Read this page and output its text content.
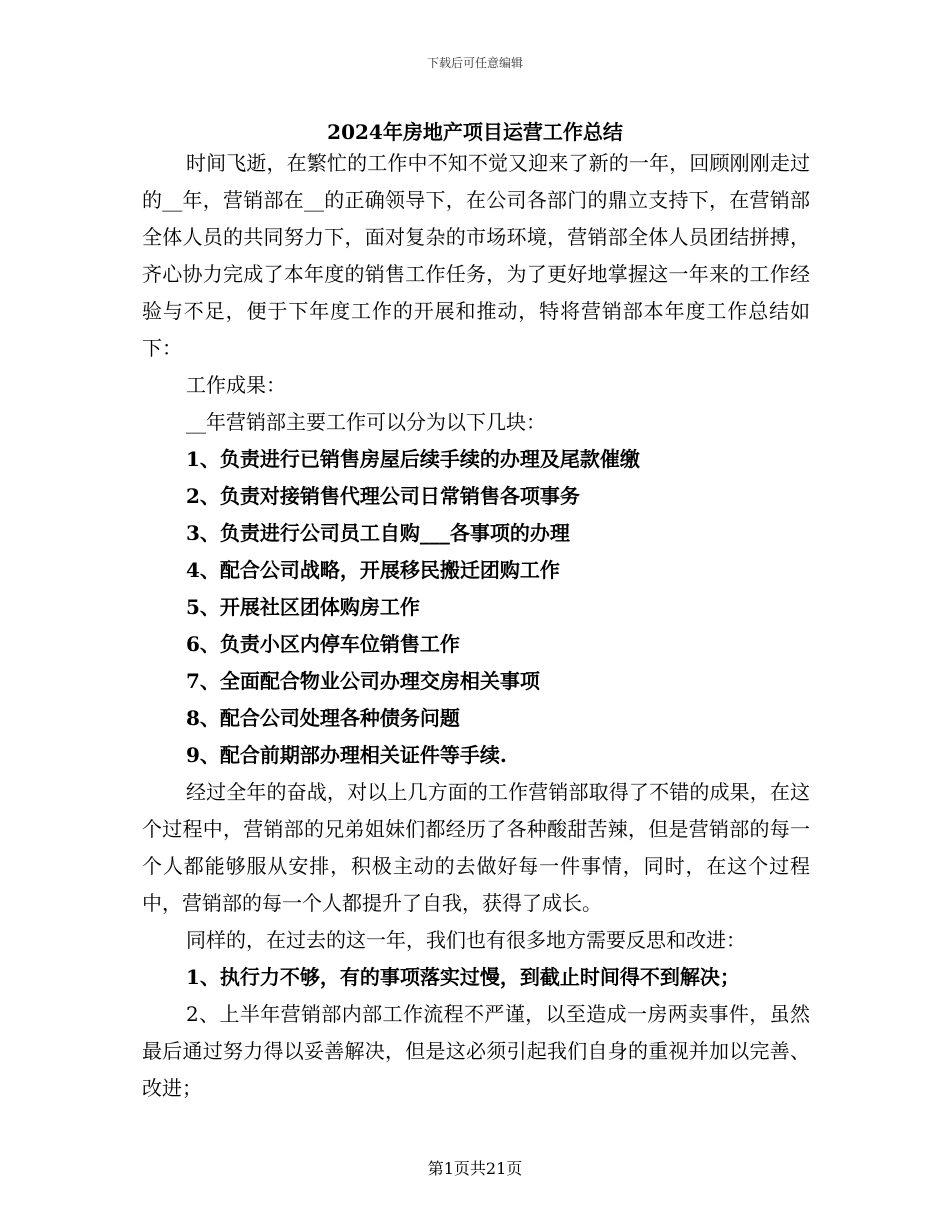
下载后可任意编辑
2024年房地产项目运营工作总结

时间飞逝，在繁忙的工作中不知不觉又迎来了新的一年，回顾刚刚走过的__年，营销部在__的正确领导下，在公司各部门的鼎立支持下，在营销部全体人员的共同努力下，面对复杂的市场环境，营销部全体人员团结拼搏，齐心协力完成了本年度的销售工作任务，为了更好地掌握这一年来的工作经验与不足，便于下年度工作的开展和推动，特将营销部本年度工作总结如下：

工作成果：

__年营销部主要工作可以分为以下几块：

1、负责进行已销售房屋后续手续的办理及尾款催缴

2、负责对接销售代理公司日常销售各项事务

3、负责进行公司员工自购___各事项的办理

4、配合公司战略，开展移民搬迁团购工作

5、开展社区团体购房工作

6、负责小区内停车位销售工作

7、全面配合物业公司办理交房相关事项

8、配合公司处理各种债务问题

9、配合前期部办理相关证件等手续.

经过全年的奋战，对以上几方面的工作营销部取得了不错的成果，在这个过程中，营销部的兄弟姐妹们都经历了各种酸甜苦辣，但是营销部的每一个人都能够服从安排，积极主动的去做好每一件事情，同时，在这个过程中，营销部的每一个人都提升了自我，获得了成长。

同样的，在过去的这一年，我们也有很多地方需要反思和改进：

1、执行力不够，有的事项落实过慢，到截止时间得不到解决；

2、上半年营销部内部工作流程不严谨，以至造成一房两卖事件，虽然最后通过努力得以妥善解决，但是这必须引起我们自身的重视并加以完善、改进；

第1页共21页
